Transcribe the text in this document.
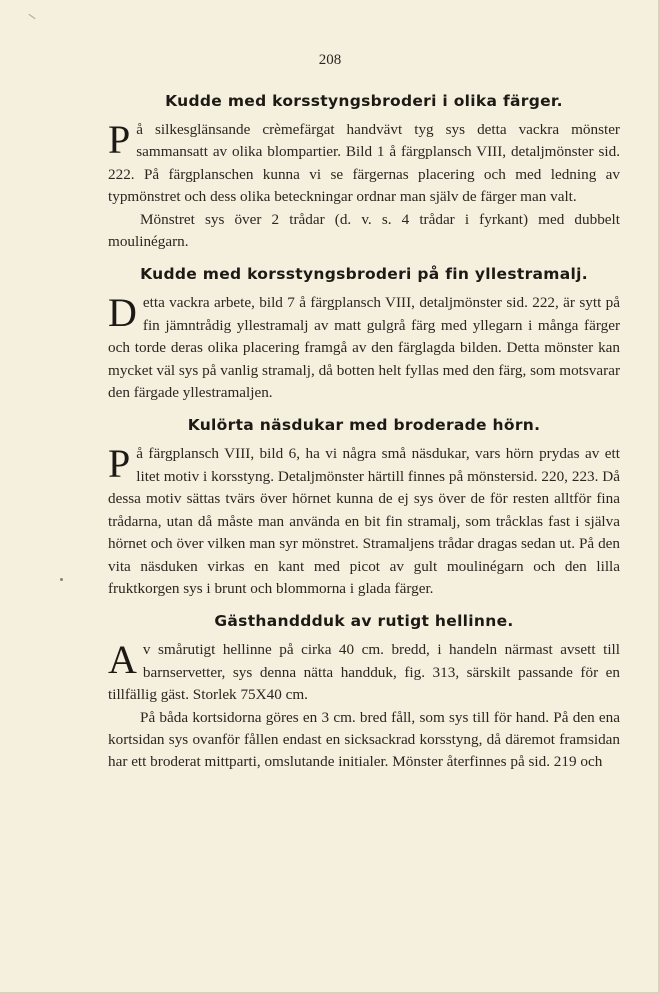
208
Kudde med korsstyngsbroderi i olika färger.

På silkesglänsande crèmefärgat handvävt tyg sys detta vackra mönster sammansatt av olika blompartier. Bild 1 å färgplansch VIII, detaljmönster sid. 222. På färgplanschen kunna vi se färgernas placering och med ledning av typmönstret och dess olika beteckningar ordnar man själv de färger man valt.

Mönstret sys över 2 trådar (d. v. s. 4 trådar i fyrkant) med dubbelt moulinégarn.

Kudde med korsstyngsbroderi på fin yllestramalj.

Detta vackra arbete, bild 7 å färgplansch VIII, detaljmönster sid. 222, är sytt på fin jämntrådig yllestramalj av matt gulgrå färg med yllegarn i många färger och torde deras olika placering framgå av den färglagda bilden. Detta mönster kan mycket väl sys på vanlig stramalj, då botten helt fyllas med den färg, som motsvarar den färgade yllestramaljen.

Kulörta näsdukar med broderade hörn.

På färgplansch VIII, bild 6, ha vi några små näsdukar, vars hörn prydas av ett litet motiv i korsstyng. Detaljmönster härtill finnes på mönstersid. 220, 223. Då dessa motiv sättas tvärs över hörnet kunna de ej sys över de för resten alltför fina trådarna, utan då måste man använda en bit fin stramalj, som tråcklas fast i själva hörnet och över vilken man syr mönstret. Stramaljens trådar dragas sedan ut. På den vita näsduken virkas en kant med picot av gult moulinégarn och den lilla fruktkorgen sys i brunt och blommorna i glada färger.

Gästhanddduk av rutigt hellinne.

Av smårutigt hellinne på cirka 40 cm. bredd, i handeln närmast avsett till barnservetter, sys denna nätta handduk, fig. 313, särskilt passande för en tillfällig gäst. Storlek 75X40 cm.

På båda kortsidorna göres en 3 cm. bred fåll, som sys till för hand. På den ena kortsidan sys ovanför fållen endast en sicksackrad korsstyng, då däremot framsidan har ett broderat mittparti, omslutande initialer. Mönster återfinnes på sid. 219 och
